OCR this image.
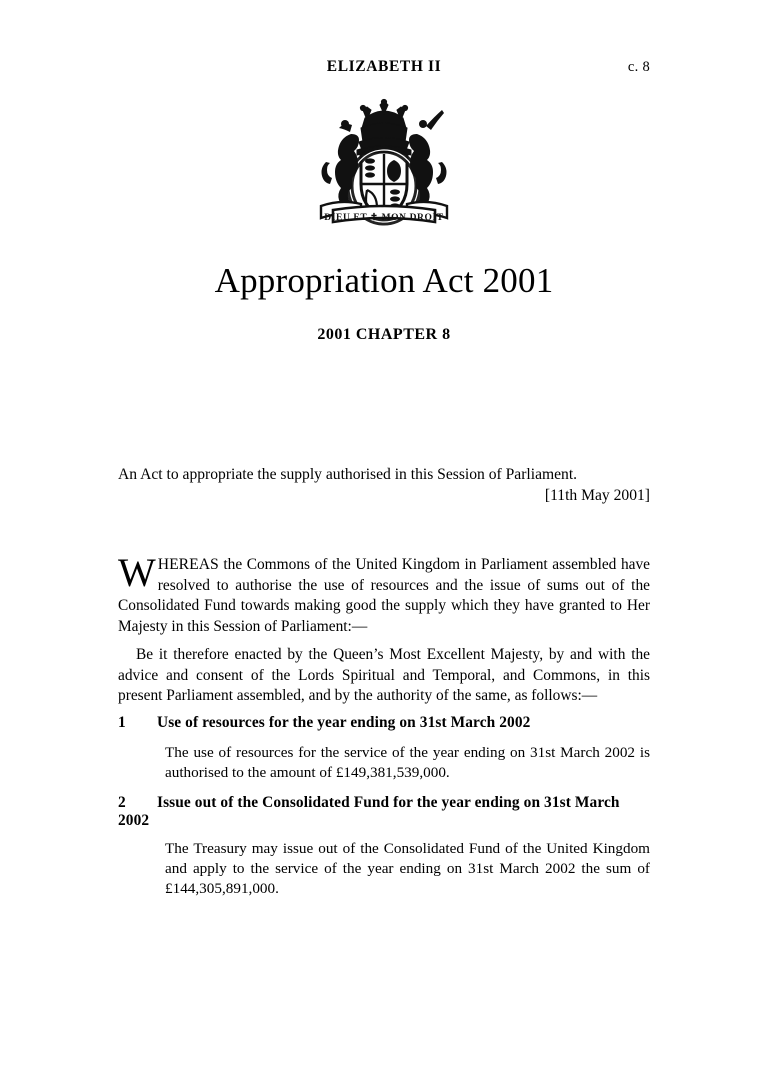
ELIZABETH II	c. 8
DIEU ET ✝ MON DROIT
Appropriation Act 2001
2001 CHAPTER 8
An Act to appropriate the supply authorised in this Session of Parliament.
[11th May 2001]
WHEREAS the Commons of the United Kingdom in Parliament assembled have resolved to authorise the use of resources and the issue of sums out of the Consolidated Fund towards making good the supply which they have granted to Her Majesty in this Session of Parliament:—
Be it therefore enacted by the Queen’s Most Excellent Majesty, by and with the advice and consent of the Lords Spiritual and Temporal, and Commons, in this present Parliament assembled, and by the authority of the same, as follows:—
1 Use of resources for the year ending on 31st March 2002
The use of resources for the service of the year ending on 31st March 2002 is authorised to the amount of £149,381,539,000.
2 Issue out of the Consolidated Fund for the year ending on 31st March 2002
The Treasury may issue out of the Consolidated Fund of the United Kingdom and apply to the service of the year ending on 31st March 2002 the sum of £144,305,891,000.
